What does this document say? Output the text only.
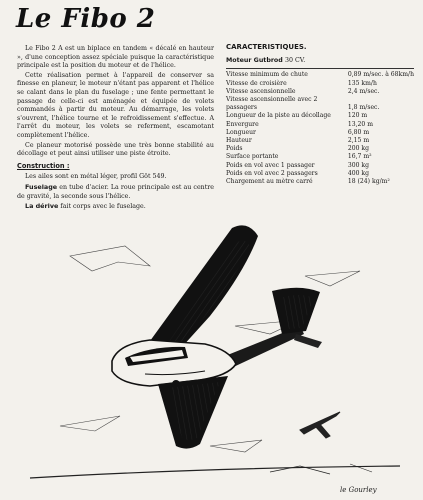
Le Fibo 2

Le Fibo 2 A est un biplace en tandem « décalé en hauteur », d'une conception assez spéciale puisque la caractéristique principale est la position du moteur et de l'hélice.

Cette réalisation permet à l'appareil de conserver sa finesse en planeur, le moteur n'étant pas apparent et l'hélice se calant dans le plan du fuselage ; une fente permettant le passage de celle-ci est aménagée et équipée de volets commandés à partir du moteur. Au démarrage, les volets s'ouvrent, l'hélice tourne et le refroidissement s'effectue. A l'arrêt du moteur, les volets se referment, escamotant complètement l'hélice.

Ce planeur motorisé possède une très bonne stabilité au décollage et peut ainsi utiliser une piste étroite.

Construction :

Les ailes sont en métal léger, profil Göt 549.

Fuselage en tube d'acier. La roue principale est au centre de gravité, la seconde sous l'hélice.

La dérive fait corps avec le fuselage.

CARACTERISTIQUES.
Moteur Gutbrod 30 CV.
Vitesse minimum de chute	0,89 m/sec. à 68km/h
Vitesse de croisière	135 km/h
Vitesse ascensionnelle	2,4 m/sec.
Vitesse ascensionnelle avec 2 passagers	1,8 m/sec.
Longueur de la piste au décollage	120 m
Envergure	13,20 m
Longueur	6,80 m
Hauteur	2,15 m
Poids	200 kg
Surface portante	16,7 m²
Poids en vol avec 1 passager	300 kg
Poids en vol avec 2 passagers	400 kg
Chargement au mètre carré	18 (24) kg/m²
le Gourley
